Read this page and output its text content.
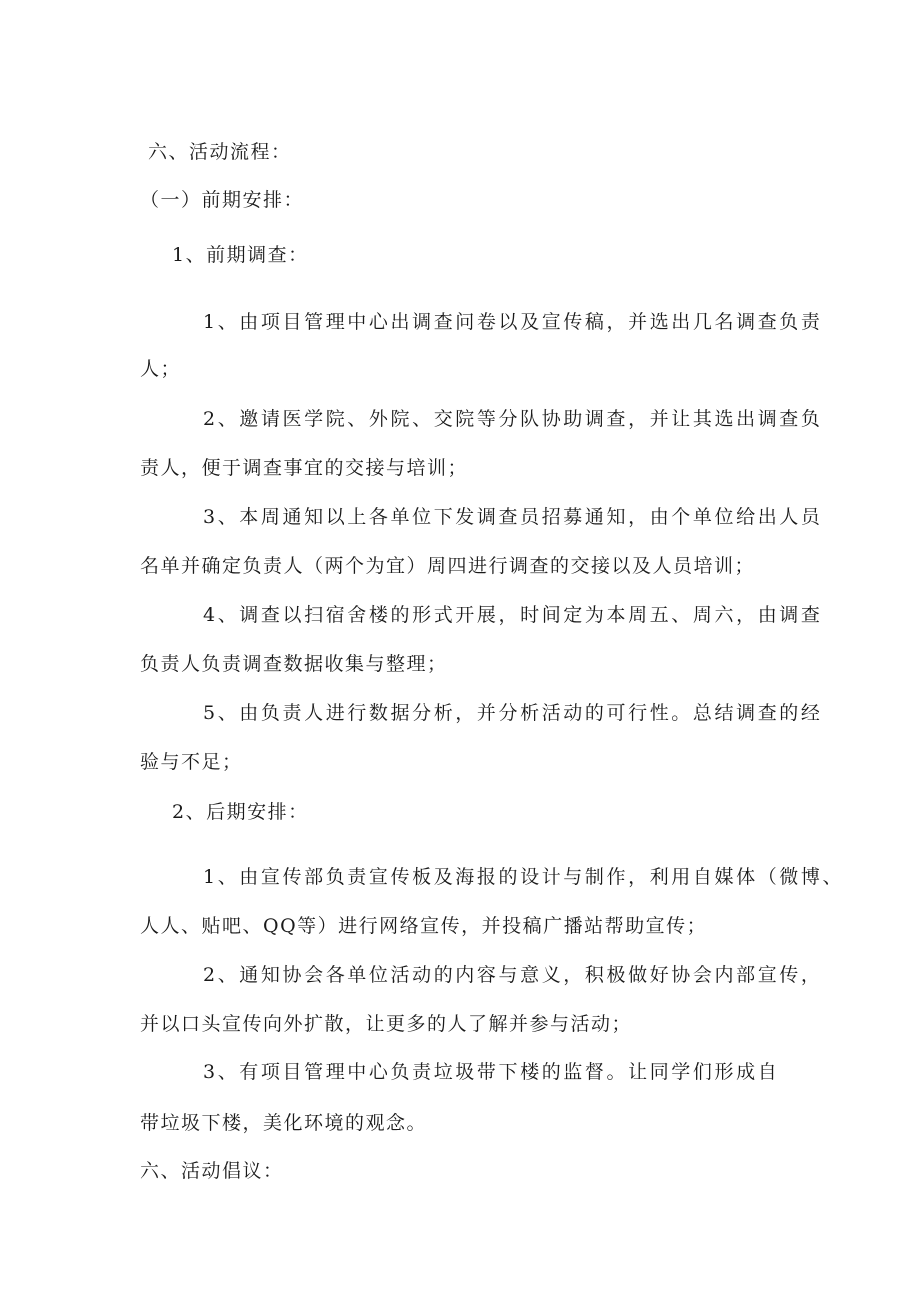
六、活动流程：
（一）前期安排：
1、前期调查：
1、由项目管理中心出调查问卷以及宣传稿，并选出几名调查负责
人；
2、邀请医学院、外院、交院等分队协助调查，并让其选出调查负
责人，便于调查事宜的交接与培训；
3、本周通知以上各单位下发调查员招募通知，由个单位给出人员
名单并确定负责人（两个为宜）周四进行调查的交接以及人员培训；
4、调查以扫宿舍楼的形式开展，时间定为本周五、周六，由调查
负责人负责调查数据收集与整理；
5、由负责人进行数据分析，并分析活动的可行性。总结调查的经
验与不足；
2、后期安排：
1、由宣传部负责宣传板及海报的设计与制作，利用自媒体（微博、
人人、贴吧、QQ等）进行网络宣传，并投稿广播站帮助宣传；
2、通知协会各单位活动的内容与意义，积极做好协会内部宣传，
并以口头宣传向外扩散，让更多的人了解并参与活动；
3、有项目管理中心负责垃圾带下楼的监督。让同学们形成自
带垃圾下楼，美化环境的观念。
六、活动倡议：
